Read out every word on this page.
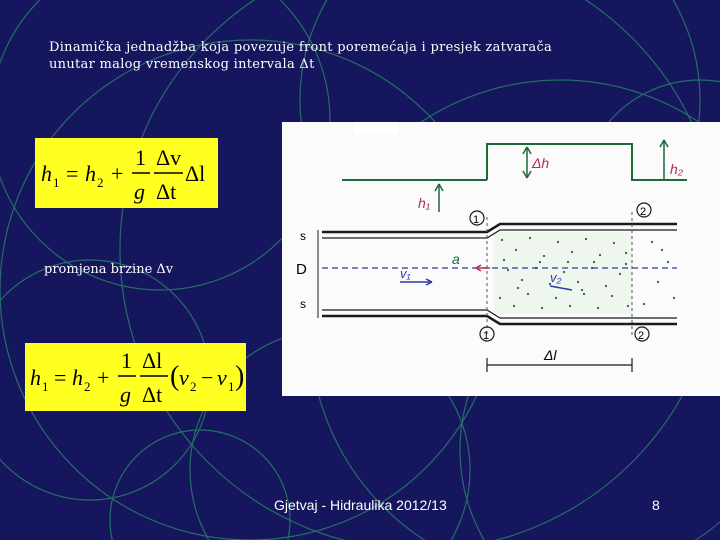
Dinamička jednadžba koja povezuje front poremećaja i presjek zatvarača
unutar malog vremenskog intervala Δt
h 1 = h 2 +
1
g
Δv
Δt
Δl
promjena brzine Δv
h 1 = h 2 +
1
g
Δl
Δt
( v 2 − v 1 )
Δh	h₂
h₁
1
2
1	2
s
s
D	v₁	v₂
a
Δl
Gjetvaj - Hidraulika 2012/13	8
